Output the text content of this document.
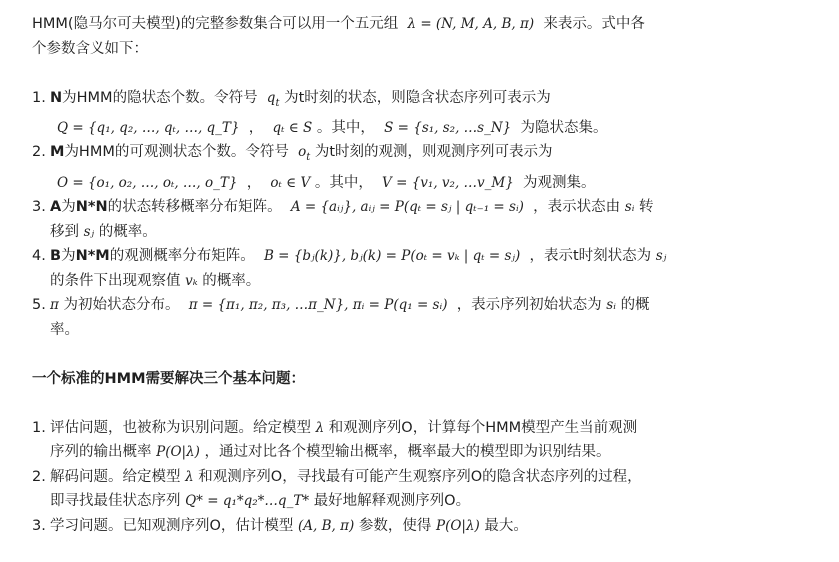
HMM(隐马尔可夫模型)的完整参数集合可以用一个五元组 λ = (N, M, A, B, π) 来表示。式中各
个参数含义如下：

1. N为HMM的隐状态个数。令符号 $q_t$ 为t时刻的状态，则隐含状态序列可表示为
Q = {q₁, q₂, …, qₜ, …, q_T} ， qₜ ∈ S 。其中， S = {s₁, s₂, …s_N} 为隐状态集。
2. M为HMM的可观测状态个数。令符号 $o_t$ 为t时刻的观测，则观测序列可表示为
O = {o₁, o₂, …, oₜ, …, o_T} ， oₜ ∈ V 。其中， V = {v₁, v₂, …v_M} 为观测集。
3. A为N*N的状态转移概率分布矩阵。 A = {aᵢⱼ}, aᵢⱼ = P(qₜ = sⱼ | qₜ₋₁ = sᵢ) ，表示状态由 sᵢ 转
移到 sⱼ 的概率。
4. B为N*M的观测概率分布矩阵。 B = {bⱼ(k)}, bⱼ(k) = P(oₜ = vₖ | qₜ = sⱼ) ，表示t时刻状态为 sⱼ
的条件下出现观察值 vₖ 的概率。
5. π 为初始状态分布。 π = {π₁, π₂, π₃, …π_N}, πᵢ = P(q₁ = sᵢ) ，表示序列初始状态为 sᵢ 的概
率。

一个标准的HMM需要解决三个基本问题：

1. 评估问题，也被称为识别问题。给定模型 λ 和观测序列O，计算每个HMM模型产生当前观测
序列的输出概率 P(O|λ) ，通过对比各个模型输出概率，概率最大的模型即为识别结果。
2. 解码问题。给定模型 λ 和观测序列O，寻找最有可能产生观察序列O的隐含状态序列的过程，
即寻找最佳状态序列 Q* = q₁*q₂*…q_T* 最好地解释观测序列O。
3. 学习问题。已知观测序列O，估计模型 (A, B, π) 参数，使得 P(O|λ) 最大。
